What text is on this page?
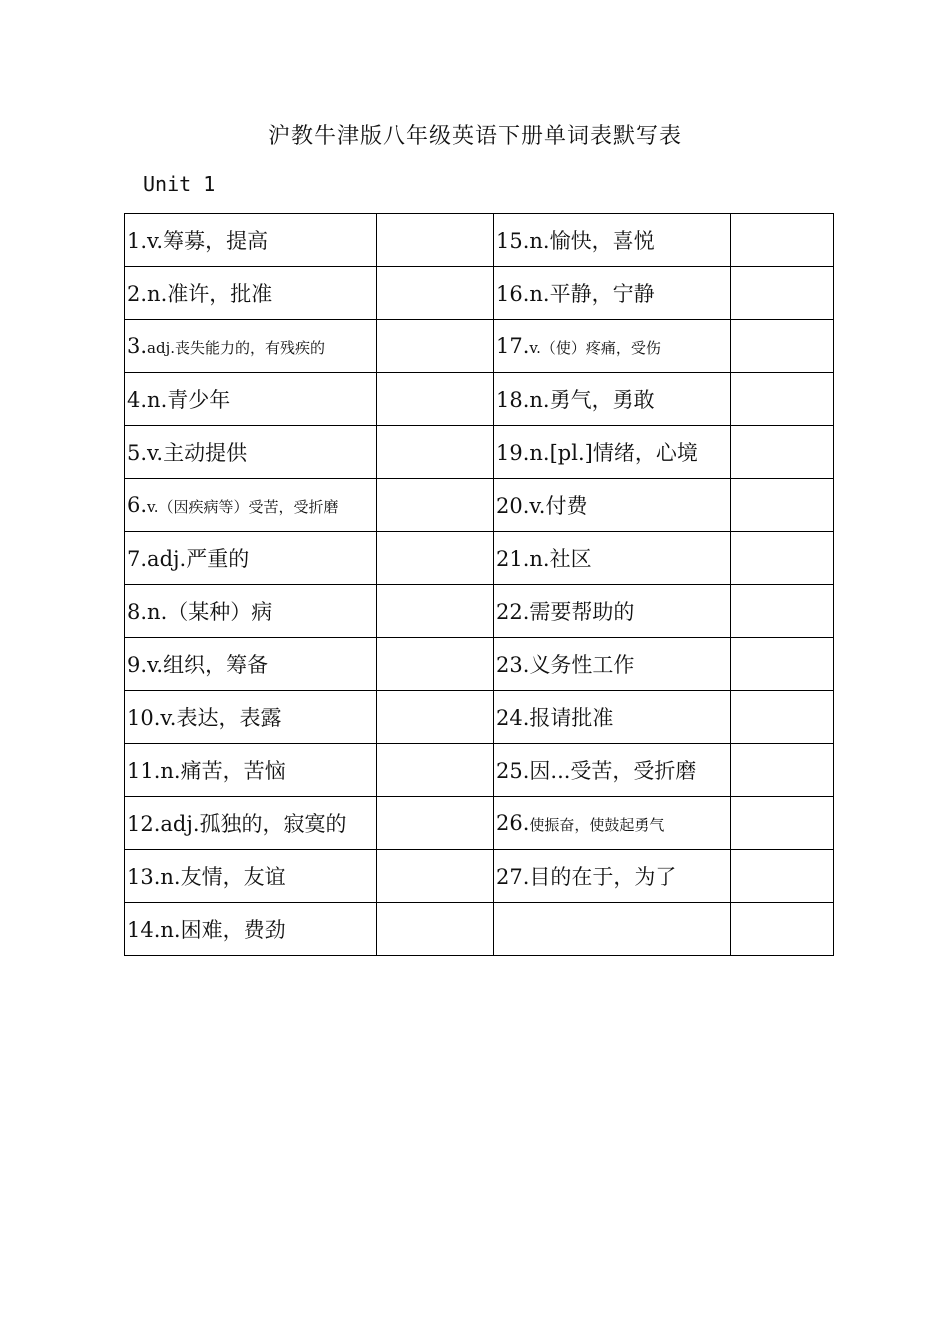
沪教牛津版八年级英语下册单词表默写表
Unit 1
1.v.筹募，提高		15.n.愉快，喜悦	
2.n.准许，批准		16.n.平静，宁静	
3.adj.丧失能力的，有残疾的		17.v.（使）疼痛，受伤	
4.n.青少年		18.n.勇气，勇敢	
5.v.主动提供		19.n.[pl.]情绪，心境	
6.v.（因疾病等）受苦，受折磨		20.v.付费	
7.adj.严重的		21.n.社区	
8.n.（某种）病		22.需要帮助的	
9.v.组织，筹备		23.义务性工作	
10.v.表达，表露		24.报请批准	
11.n.痛苦，苦恼		25.因...受苦，受折磨	
12.adj.孤独的，寂寞的		26.使振奋，使鼓起勇气	
13.n.友情，友谊		27.目的在于，为了	
14.n.困难，费劲			
